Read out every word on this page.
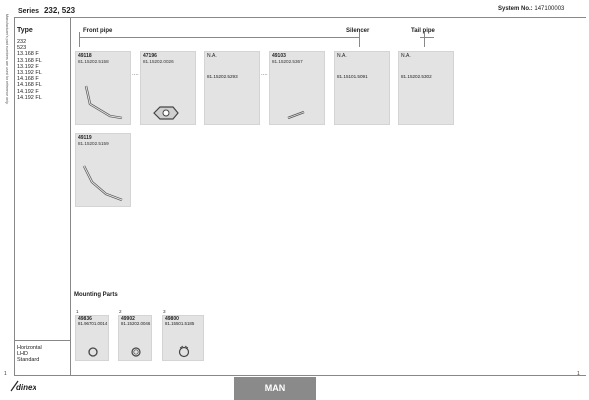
Series 232, 523	System No.: 147100003
Manufacturer's part numbers are used for reference only. Type
232
523
13.168 F
13.168 FL
13.192 F
13.192 FL
14.168 F
14.168 FL
14.192 F
14.192 FL
Horizontal
LHD
Standard
Front pipe	Silencer	Tail pipe
49118
81.15202.5158
....
47196
81.15202.0026
N.A.
81.15202.5293	....
49103
81.15202.5367
N.A.
81.15101.5091
N.A.
81.15202.5302
49119
81.15202.5159
Mounting Parts
1
49836
81.96701.0014
2
49902
81.15202.0046
3
49800
81.15501.5185
1	1
dinex	MAN
